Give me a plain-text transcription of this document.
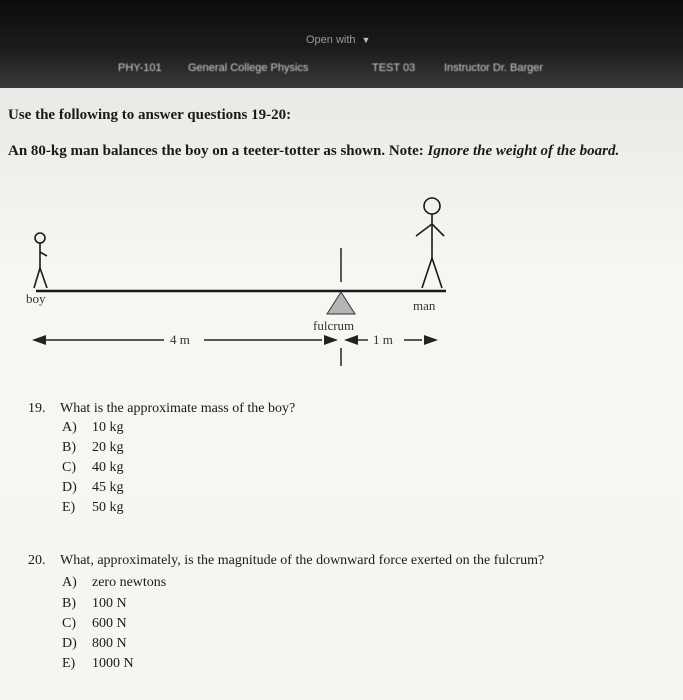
Open with ▼
PHY-101 General College Physics	TEST 03	Instructor Dr. Barger
Use the following to answer questions 19-20:
An 80-kg man balances the boy on a teeter-totter as shown. Note: Ignore the weight of the board.
boy	man
fulcrum
4 m	1 m
19. What is the approximate mass of the boy?
A) 10 kg
B) 20 kg
C) 40 kg
D) 45 kg
E) 50 kg
20. What, approximately, is the magnitude of the downward force exerted on the fulcrum?
A) zero newtons
B) 100 N
C) 600 N
D) 800 N
E) 1000 N
